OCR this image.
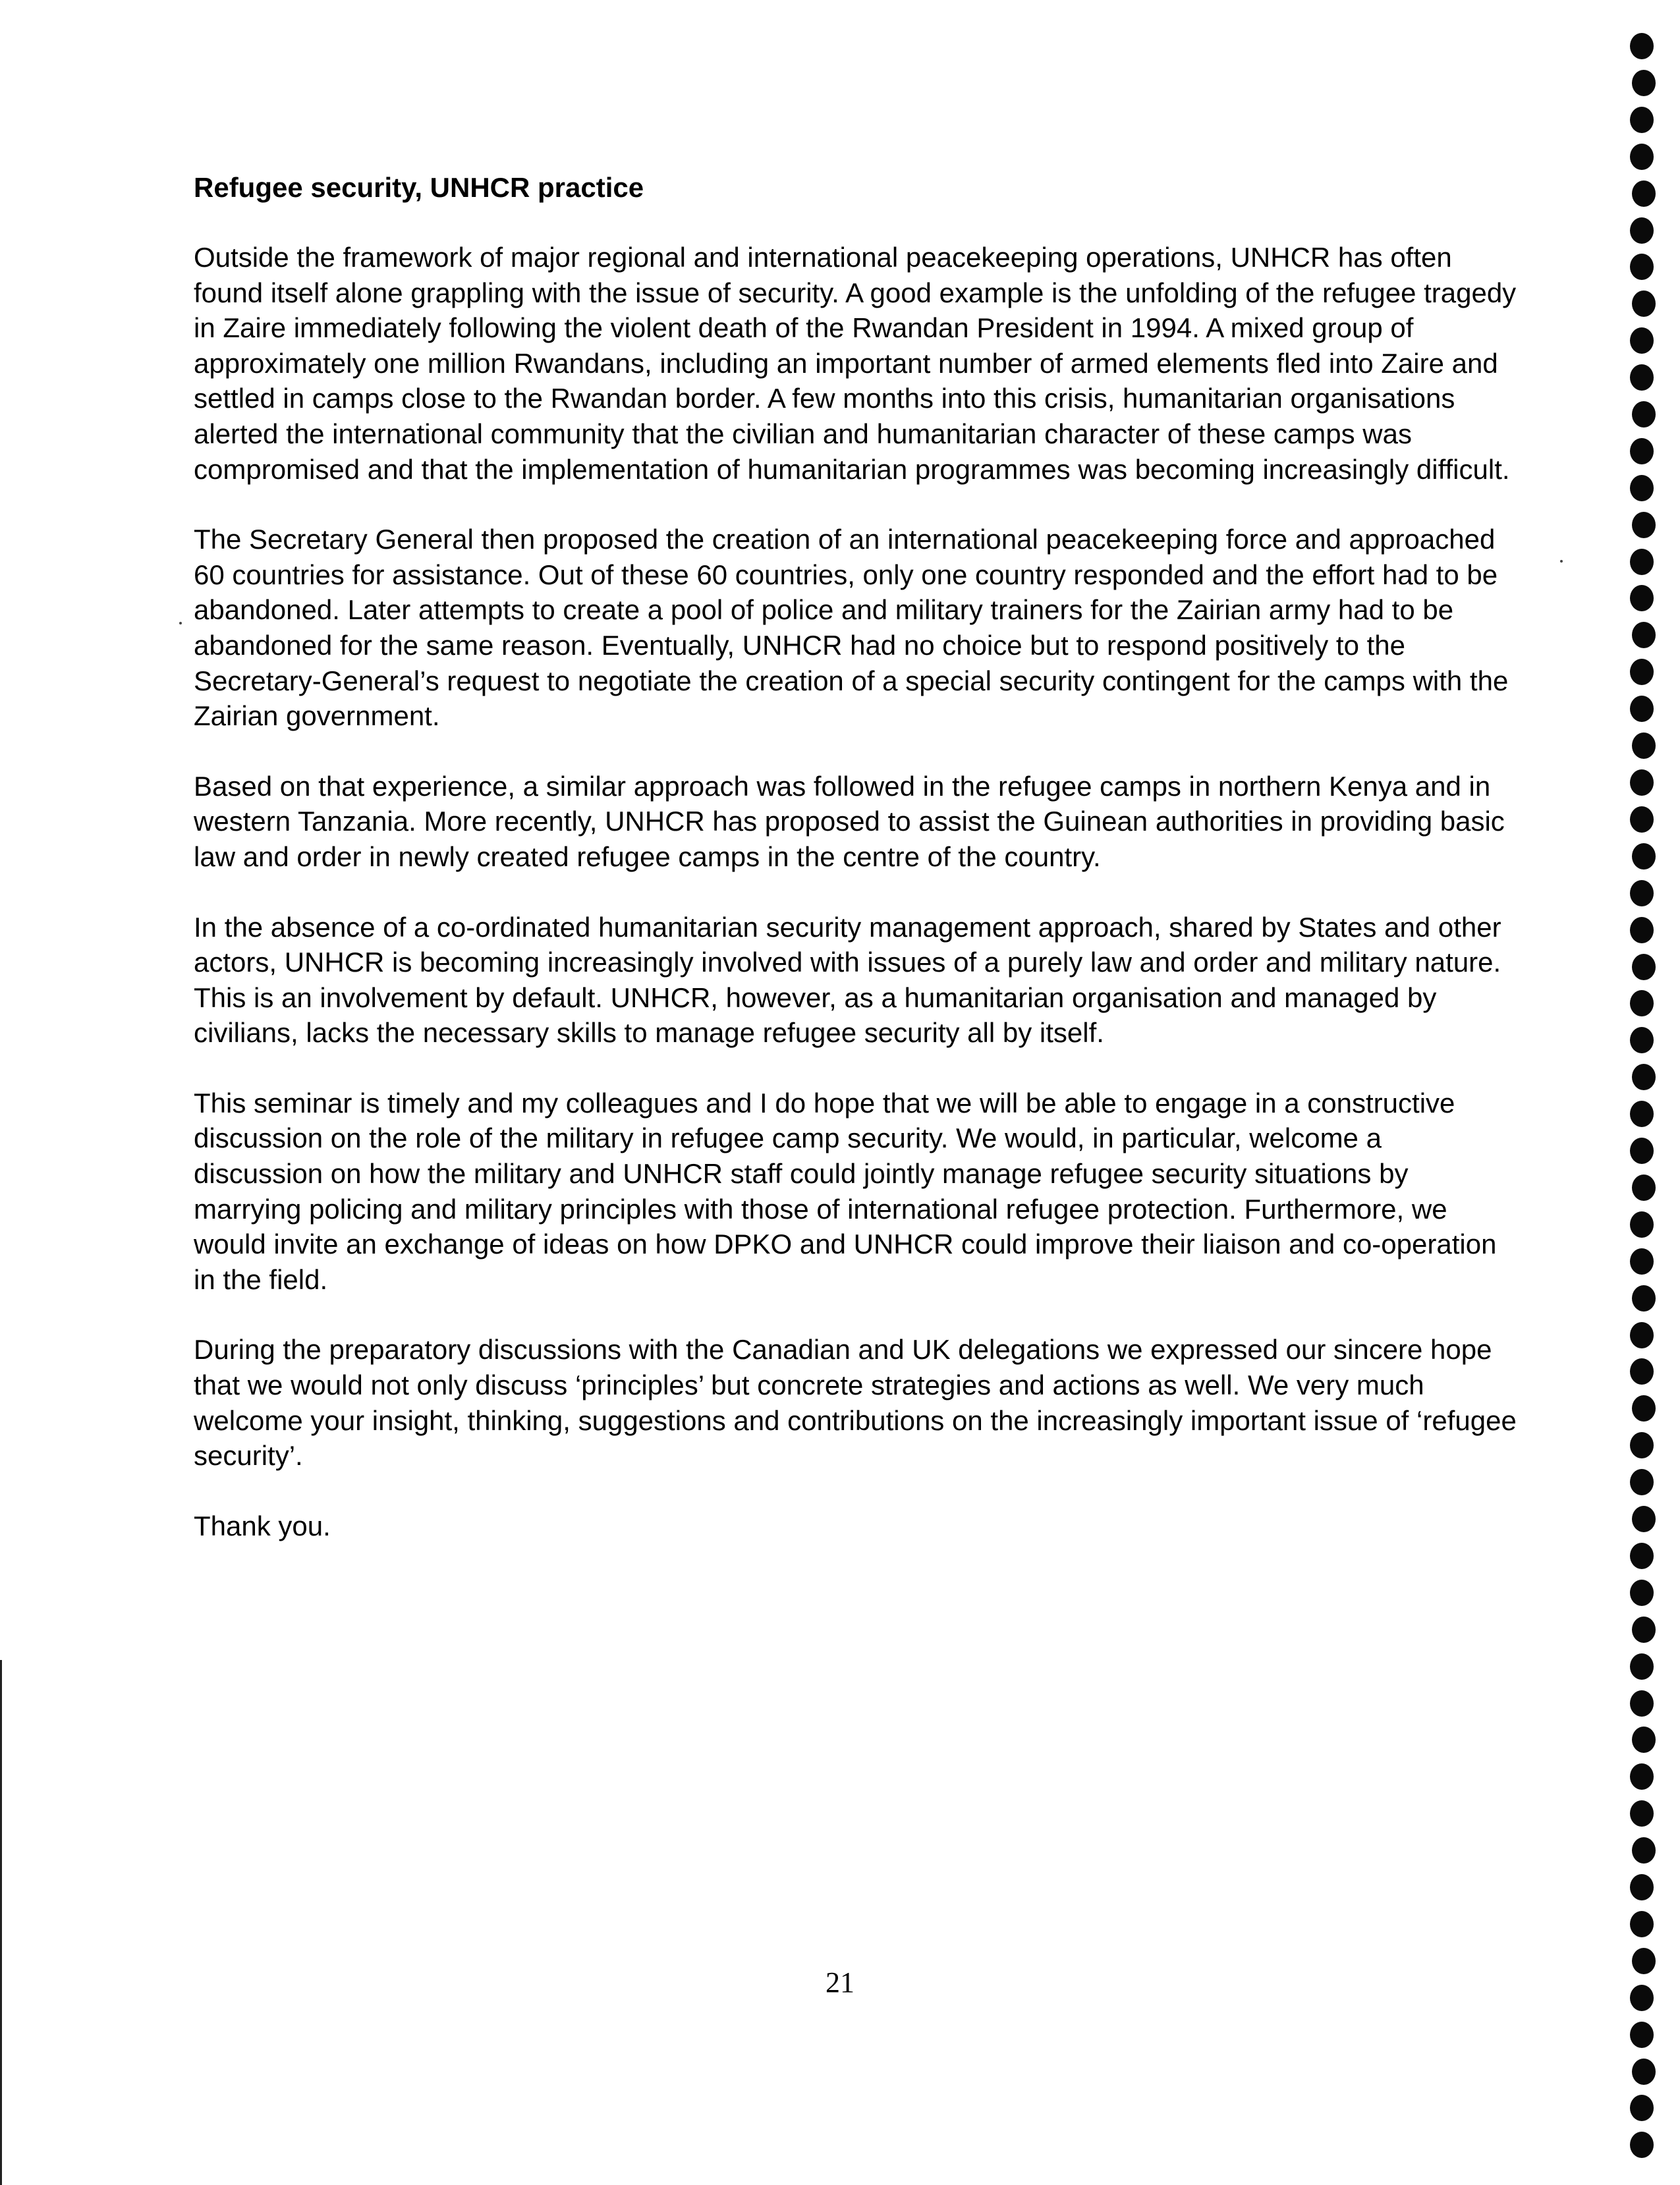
Refugee security, UNHCR practice

Outside the framework of major regional and international peacekeeping operations, UNHCR has often found itself alone grappling with the issue of security. A good example is the unfolding of the refugee tragedy in Zaire immediately following the violent death of the Rwandan President in 1994. A mixed group of approximately one million Rwandans, including an important number of armed elements fled into Zaire and settled in camps close to the Rwandan border. A few months into this crisis, humanitarian organisations alerted the international community that the civilian and humanitarian character of these camps was compromised and that the implementation of humanitarian programmes was becoming increasingly difficult.

The Secretary General then proposed the creation of an international peacekeeping force and approached 60 countries for assistance. Out of these 60 countries, only one country responded and the effort had to be abandoned. Later attempts to create a pool of police and military trainers for the Zairian army had to be abandoned for the same reason. Eventually, UNHCR had no choice but to respond positively to the Secretary-General’s request to negotiate the creation of a special security contingent for the camps with the Zairian government.

Based on that experience, a similar approach was followed in the refugee camps in northern Kenya and in western Tanzania. More recently, UNHCR has proposed to assist the Guinean authorities in providing basic law and order in newly created refugee camps in the centre of the country.

In the absence of a co-ordinated humanitarian security management approach, shared by States and other actors, UNHCR is becoming increasingly involved with issues of a purely law and order and military nature. This is an involvement by default. UNHCR, however, as a humanitarian organisation and managed by civilians, lacks the necessary skills to manage refugee security all by itself.

This seminar is timely and my colleagues and I do hope that we will be able to engage in a constructive discussion on the role of the military in refugee camp security. We would, in particular, welcome a discussion on how the military and UNHCR staff could jointly manage refugee security situations by marrying policing and military principles with those of international refugee protection. Furthermore, we would invite an exchange of ideas on how DPKO and UNHCR could improve their liaison and co-operation in the field.

During the preparatory discussions with the Canadian and UK delegations we expressed our sincere hope that we would not only discuss ‘principles’ but concrete strategies and actions as well. We very much welcome your insight, thinking, suggestions and contributions on the increasingly important issue of ‘refugee security’.

Thank you.

21
